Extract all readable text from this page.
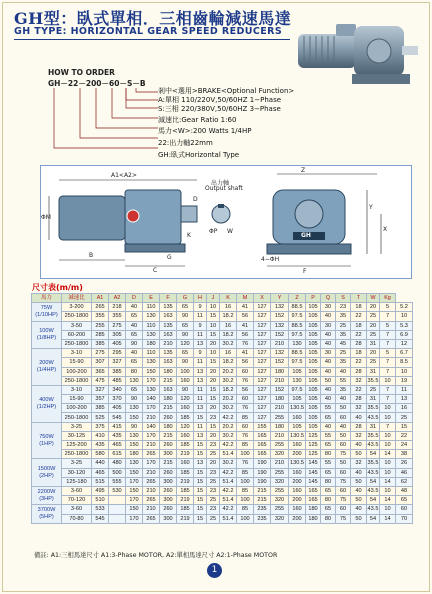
GH型：臥式單相．三相齒輪減速馬達
GH TYPE: HORIZONTAL GEAR SPEED REDUCERS
HOW TO ORDER
GH－22－200－60－S－B
剎中<選用>BRAKE<Optional Function>
A:單相 110/220V,50/60HZ 1−Phase
S:三相 220/380V,50/60HZ 3−Phase
減速比:Gear Ratio 1:60
馬力<W>:200 Watts 1/4HP
22:出力軸22mm
GH:臥式Horizontal Type
A1<A2>
ΦM
B
C
D
G
K
出力軸
Output shaft
ΦP W
Z
Y
X
4−ΦH
F
GH
尺寸表(m/m)
馬力	減速比	A1	A2	D	E	F	G	H	J	K	M	X	Y	Z	P	Q	S	T	W	Kg	
75W (1/10HP)	3-200	265	218	40	110	135	65	9	10	16	41	127	132	88.5	105	30	23	18	20	5	5.2
	250-1800	355	355	65	130	163	90	11	15	18.2	56	127	152	97.5	105	40	35	22	25	7	10
100W (1/8HP)	3-50	255	275	40	110	135	65	9	10	16	41	127	132	88.5	105	30	25	18	20	5	5.3
	60-200	285	305	65	130	163	90	11	15	18.2	56	127	152	97.5	105	40	35	22	25	7	6.9
	250-1800	385	405	90	180	210	120	13	20	30.2	76	127	210	130	105	40	45	28	31	7	12
200W (1/4HP)	3-10	275	295	40	110	135	65	9	10	16	41	127	132	88.5	105	30	25	18	20	5	6.7
	15-90	307	327	65	130	163	90	11	15	18.2	56	127	152	97.5	105	40	35	22	25	7	8.5
	100-200	365	385	80	150	180	100	13	20	20.2	60	127	180	105	105	40	40	28	31	7	10
	250-1800	475	485	130	170	215	160	13	20	30.2	76	127	210	130	105	50	55	32	35.5	10	19
400W (1/2HP)	3-10	327	340	65	130	163	90	11	15	18.2	56	127	152	97.5	105	40	35	22	25	7	11
	15-90	357	370	90	140	180	120	11	15	20.2	60	127	180	105	105	40	40	28	31	7	13
	100-200	385	405	130	170	215	160	13	20	30.2	76	127	210	130.5	105	55	50	32	35.5	10	16
	250-1800	525	545	150	210	260	185	15	23	42.2	85	127	255	160	105	65	60	40	43.5	10	25
750W (1HP)	3-25	375	415	90	140	180	120	11	15	20.2	60	155	180	105	105	40	40	28	31	7	15
	30-125	410	435	130	170	215	160	13	20	30.2	76	165	210	130.5	125	55	50	32	35.5	10	22
	125-200	435	465	150	210	260	185	15	23	42.2	85	165	255	160	125	65	60	40	43.5	10	24
	250-1800	580	615	180	265	300	219	15	25	51.4	100	165	320	200	125	80	75	50	54	14	38
1500W (2HP)	3-25	440	480	130	170	215	160	13	20	30.2	76	190	210	130.5	145	55	50	32	35.5	10	26
	30-120	465	500	150	210	260	185	15	23	42.2	85	190	255	160	145	65	60	40	43.5	10	46
	125-180	515	555	170	265	300	219	15	25	51.4	100	190	320	200	145	80	75	50	54	14	62
2200W (3HP)	3-60	495	530	150	210	260	185	15	23	42.2	85	215	255	160	165	65	60	40	43.5	10	48
	70-120	510		170	265	300	219	15	25	51.4	100	215	320	200	165	80	75	50	54	14	65
3700W (5HP)	3-60	533		150	210	260	185	15	23	42.2	85	235	255	160	180	65	60	40	43.5	10	60
	70-80	545		170	265	300	219	15	25	51.4	100	235	320	200	180	80	75	50	54	14	70
備註: A1:三相馬達尺寸 A1:3-Phase MOTOR, A2:單相馬達尺寸 A2:1-Phase MOTOR
1
